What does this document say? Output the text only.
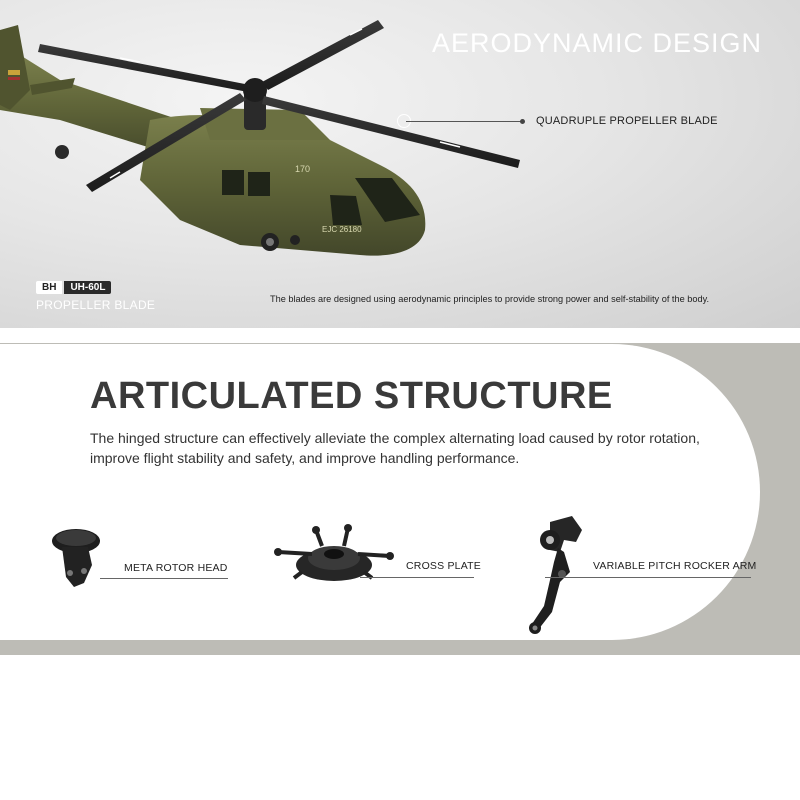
170
EJC 26180
AERODYNAMIC DESIGN
QUADRUPLE PROPELLER BLADE
BH	UH-60L
PROPELLER BLADE	The blades are designed using aerodynamic principles to provide strong power and self-stability of the body.
ARTICULATED STRUCTURE
The hinged structure can effectively alleviate the complex alternating load caused by rotor rotation, improve flight stability and safety, and improve handling performance.
META ROTOR HEAD	CROSS PLATE	VARIABLE PITCH ROCKER ARM
